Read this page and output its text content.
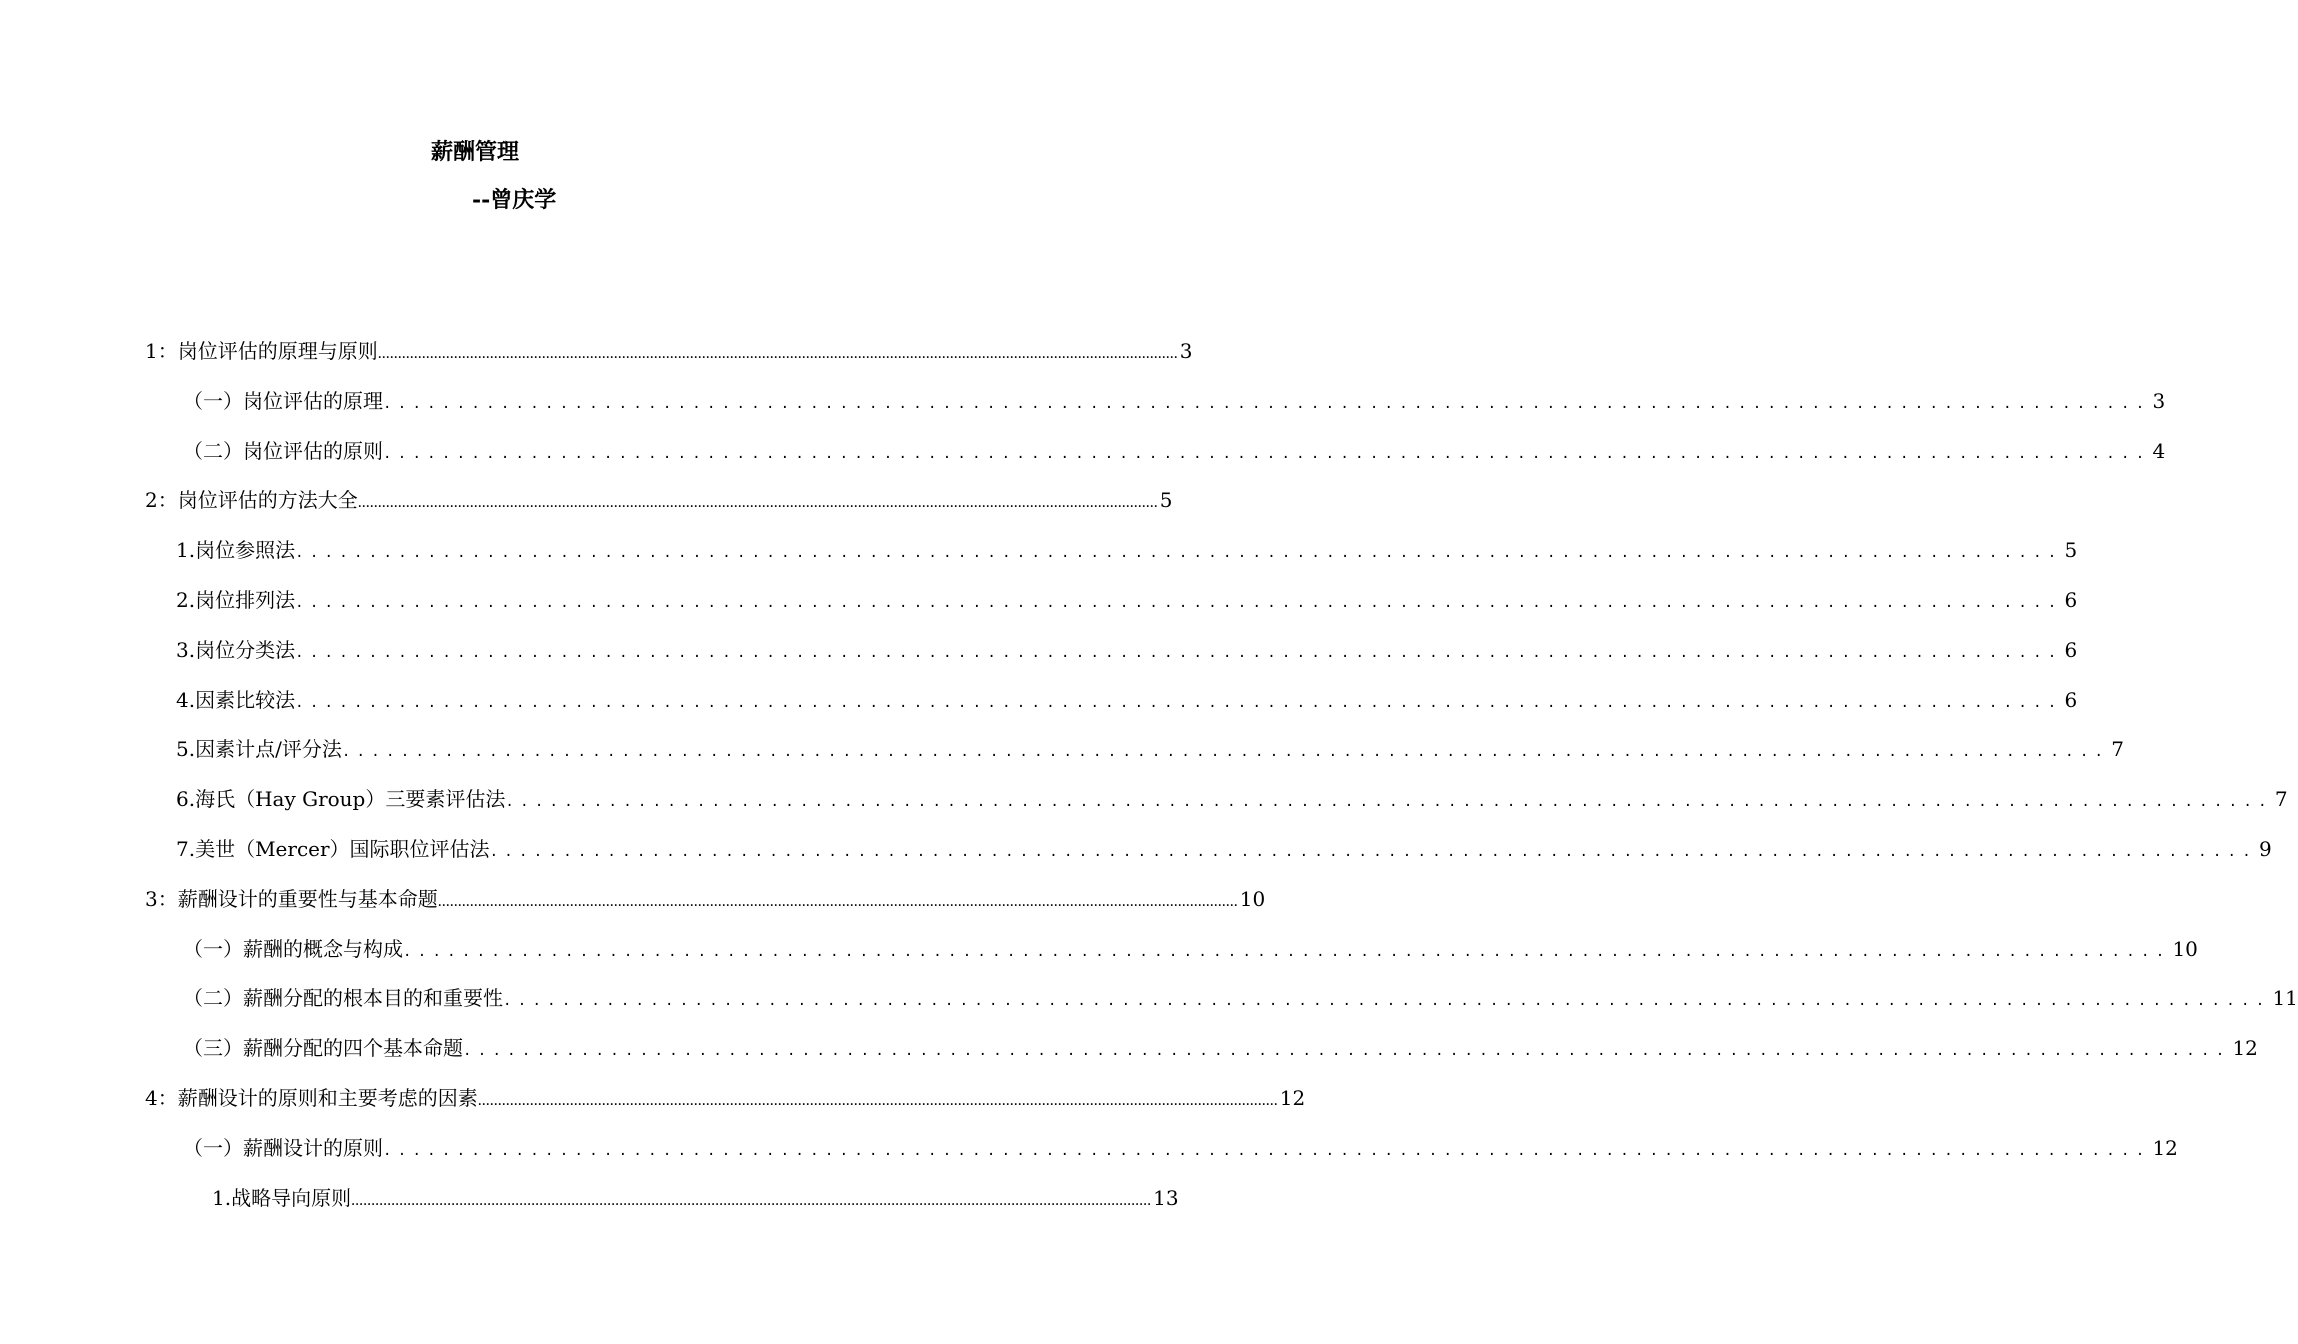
薪酬管理
--曾庆学
1：岗位评估的原理与原则 ........................................................................................................................................................................................................ 3
（一）岗位评估的原理 ........................................................................................................................ 3
（二）岗位评估的原则 ........................................................................................................................ 4
2：岗位评估的方法大全 ........................................................................................................................................................................................................ 5
1.岗位参照法 ........................................................................................................................ 5
2.岗位排列法 ........................................................................................................................ 6
3.岗位分类法 ........................................................................................................................ 6
4.因素比较法 ........................................................................................................................ 6
5.因素计点/评分法 ........................................................................................................................ 7
6.海氏（Hay Group）三要素评估法 ........................................................................................................................ 7
7.美世（Mercer）国际职位评估法 ........................................................................................................................ 9
3：薪酬设计的重要性与基本命题 ........................................................................................................................................................................................................ 10
（一）薪酬的概念与构成 ........................................................................................................................ 10
（二）薪酬分配的根本目的和重要性 ........................................................................................................................ 11
（三）薪酬分配的四个基本命题 ........................................................................................................................ 12
4：薪酬设计的原则和主要考虑的因素 ........................................................................................................................................................................................................ 12
（一）薪酬设计的原则 ........................................................................................................................ 12
1.战略导向原则 ........................................................................................................................................................................................................ 13
